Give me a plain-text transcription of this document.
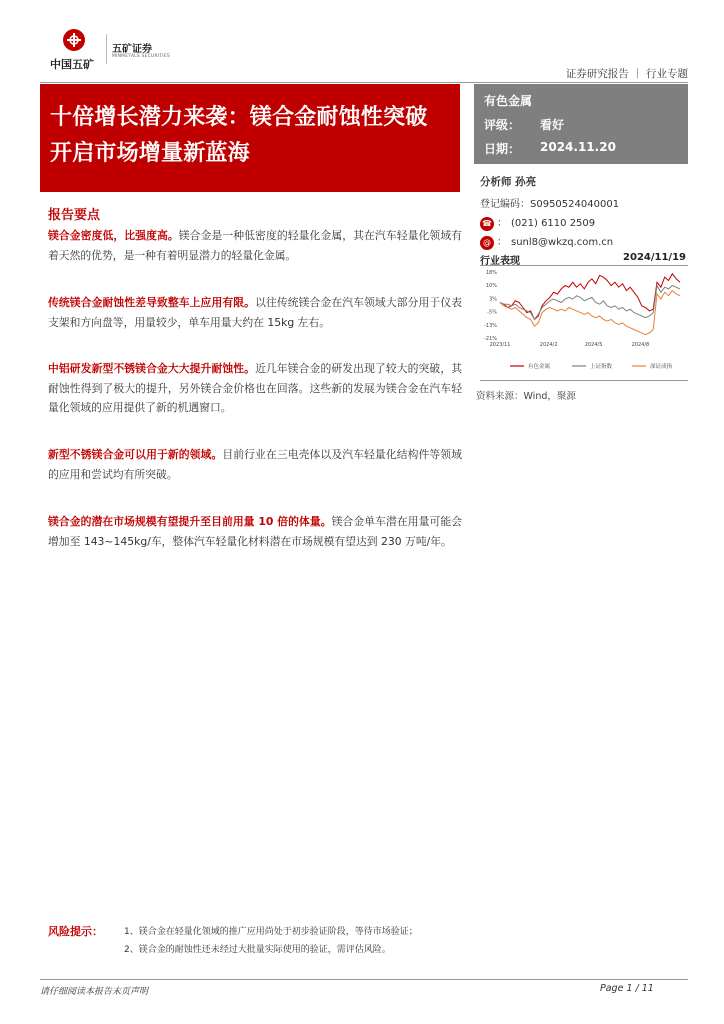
中国五矿
五矿证券
MINMETALS SECURITIES
证券研究报告 ｜ 行业专题
十倍增长潜力来袭：镁合金耐蚀性突破
开启市场增量新蓝海
有色金属
评级： 看好
日期： 2024.11.20
分析师 孙亮
登记编码：S0950524040001
☎ ： (021) 6110 2509
@ ： sunl8@wkzq.com.cn
行业表现	2024/11/19
18%
10%
3%
-5%
-13%
-21%
2023/11	2024/2	2024/5	2024/8
有色金属	上证指数	深证成指
资料来源：Wind，聚源
报告要点
镁合金密度低，比强度高。镁合金是一种低密度的轻量化金属，其在汽车轻量化领域有着天然的优势，是一种有着明显潜力的轻量化金属。
传统镁合金耐蚀性差导致整车上应用有限。以往传统镁合金在汽车领域大部分用于仪表支架和方向盘等，用量较少，单车用量大约在 15kg 左右。
中铝研发新型不锈镁合金大大提升耐蚀性。近几年镁合金的研发出现了较大的突破，其耐蚀性得到了极大的提升，另外镁合金价格也在回落。这些新的发展为镁合金在汽车轻量化领域的应用提供了新的机遇窗口。
新型不锈镁合金可以用于新的领域。目前行业在三电壳体以及汽车轻量化结构件等领域的应用和尝试均有所突破。
镁合金的潜在市场规模有望提升至目前用量 10 倍的体量。镁合金单车潜在用量可能会增加至 143~145kg/车，整体汽车轻量化材料潜在市场规模有望达到 230 万吨/年。
风险提示： 1、镁合金在轻量化领域的推广应用尚处于初步验证阶段，等待市场验证；
2、镁合金的耐蚀性还未经过大批量实际使用的验证，需评估风险。
请仔细阅读本报告末页声明	Page 1 / 11
